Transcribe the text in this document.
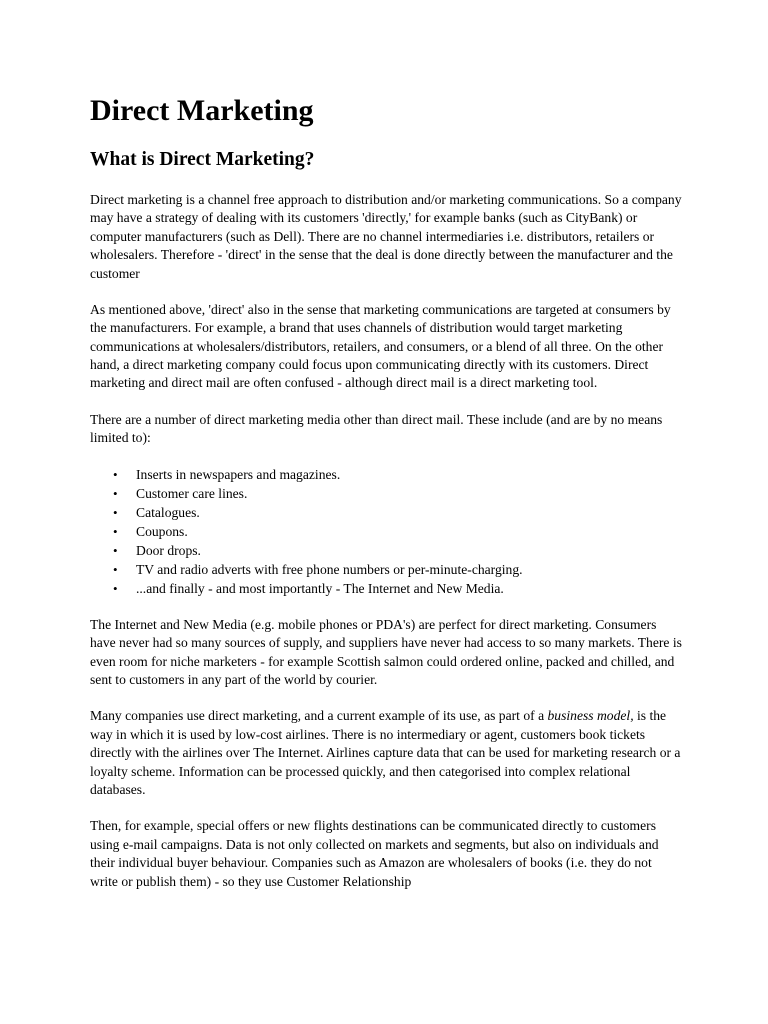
Direct Marketing
What is Direct Marketing?

Direct marketing is a channel free approach to distribution and/or marketing communications. So a company may have a strategy of dealing with its customers 'directly,' for example banks (such as CityBank) or computer manufacturers (such as Dell). There are no channel intermediaries i.e. distributors, retailers or wholesalers. Therefore - 'direct' in the sense that the deal is done directly between the manufacturer and the customer

As mentioned above, 'direct' also in the sense that marketing communications are targeted at consumers by the manufacturers. For example, a brand that uses channels of distribution would target marketing communications at wholesalers/distributors, retailers, and consumers, or a blend of all three. On the other hand, a direct marketing company could focus upon communicating directly with its customers. Direct marketing and direct mail are often confused - although direct mail is a direct marketing tool.

There are a number of direct marketing media other than direct mail. These include (and are by no means limited to):

• Inserts in newspapers and magazines.
• Customer care lines.
• Catalogues.
• Coupons.
• Door drops.
• TV and radio adverts with free phone numbers or per-minute-charging.
• ...and finally - and most importantly - The Internet and New Media.

The Internet and New Media (e.g. mobile phones or PDA's) are perfect for direct marketing. Consumers have never had so many sources of supply, and suppliers have never had access to so many markets. There is even room for niche marketers - for example Scottish salmon could ordered online, packed and chilled, and sent to customers in any part of the world by courier.

Many companies use direct marketing, and a current example of its use, as part of a business model, is the way in which it is used by low-cost airlines. There is no intermediary or agent, customers book tickets directly with the airlines over The Internet. Airlines capture data that can be used for marketing research or a loyalty scheme. Information can be processed quickly, and then categorised into complex relational databases.

Then, for example, special offers or new flights destinations can be communicated directly to customers using e-mail campaigns. Data is not only collected on markets and segments, but also on individuals and their individual buyer behaviour. Companies such as Amazon are wholesalers of books (i.e. they do not write or publish them) - so they use Customer Relationship
